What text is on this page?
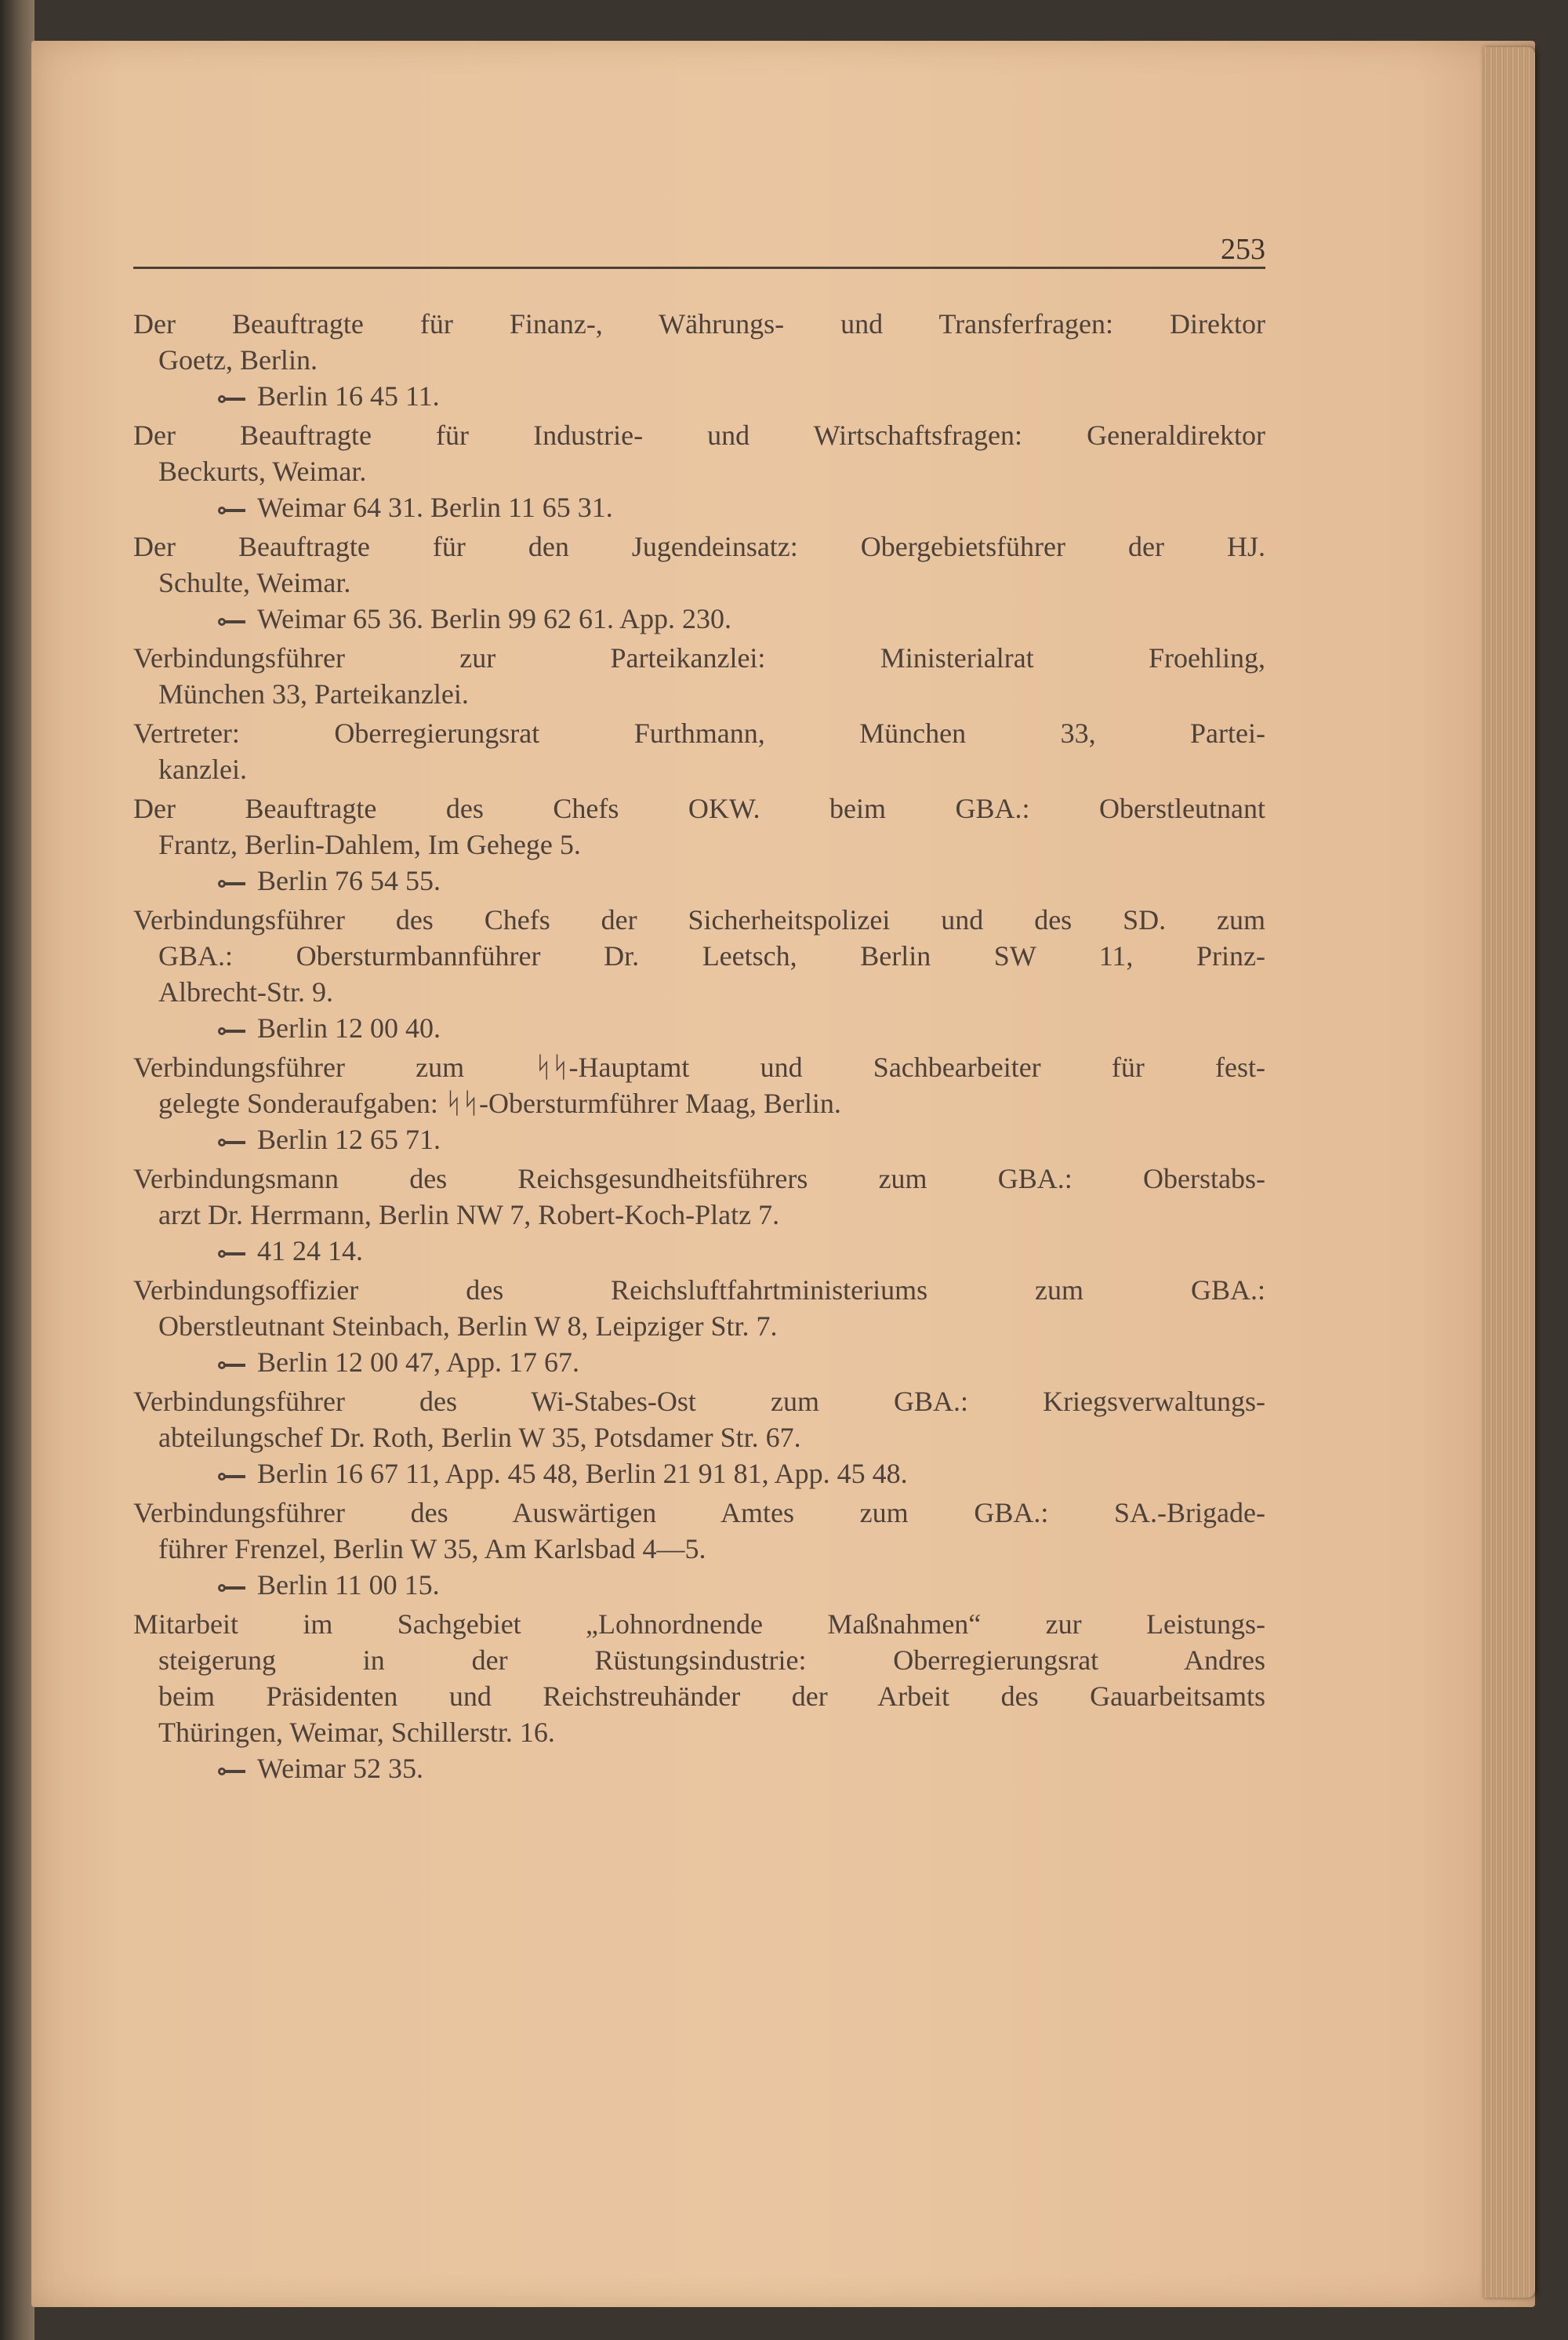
253
Der Beauftragte für Finanz-, Währungs- und Transferfragen: Direktor
Goetz, Berlin.
Berlin 16 45 11.
Der Beauftragte für Industrie- und Wirtschaftsfragen: Generaldirektor
Beckurts, Weimar.
Weimar 64 31. Berlin 11 65 31.
Der Beauftragte für den Jugendeinsatz: Obergebietsführer der HJ.
Schulte, Weimar.
Weimar 65 36. Berlin 99 62 61. App. 230.
Verbindungsführer zur Parteikanzlei: Ministerialrat Froehling,
München 33, Parteikanzlei.
Vertreter: Oberregierungsrat Furthmann, München 33, Partei-
kanzlei.
Der Beauftragte des Chefs OKW. beim GBA.: Oberstleutnant
Frantz, Berlin-Dahlem, Im Gehege 5.
Berlin 76 54 55.
Verbindungsführer des Chefs der Sicherheitspolizei und des SD. zum
GBA.: Obersturmbannführer Dr. Leetsch, Berlin SW 11, Prinz-
Albrecht-Str. 9.
Berlin 12 00 40.
Verbindungsführer zum ᛋᛋ-Hauptamt und Sachbearbeiter für fest-
gelegte Sonderaufgaben: ᛋᛋ-Obersturmführer Maag, Berlin.
Berlin 12 65 71.
Verbindungsmann des Reichsgesundheitsführers zum GBA.: Oberstabs-
arzt Dr. Herrmann, Berlin NW 7, Robert-Koch-Platz 7.
41 24 14.
Verbindungsoffizier des Reichsluftfahrtministeriums zum GBA.:
Oberstleutnant Steinbach, Berlin W 8, Leipziger Str. 7.
Berlin 12 00 47, App. 17 67.
Verbindungsführer des Wi-Stabes-Ost zum GBA.: Kriegsverwaltungs-
abteilungschef Dr. Roth, Berlin W 35, Potsdamer Str. 67.
Berlin 16 67 11, App. 45 48, Berlin 21 91 81, App. 45 48.
Verbindungsführer des Auswärtigen Amtes zum GBA.: SA.-Brigade-
führer Frenzel, Berlin W 35, Am Karlsbad 4—5.
Berlin 11 00 15.
Mitarbeit im Sachgebiet „Lohnordnende Maßnahmen“ zur Leistungs-
steigerung in der Rüstungsindustrie: Oberregierungsrat Andres
beim Präsidenten und Reichstreuhänder der Arbeit des Gauarbeitsamts
Thüringen, Weimar, Schillerstr. 16.
Weimar 52 35.
